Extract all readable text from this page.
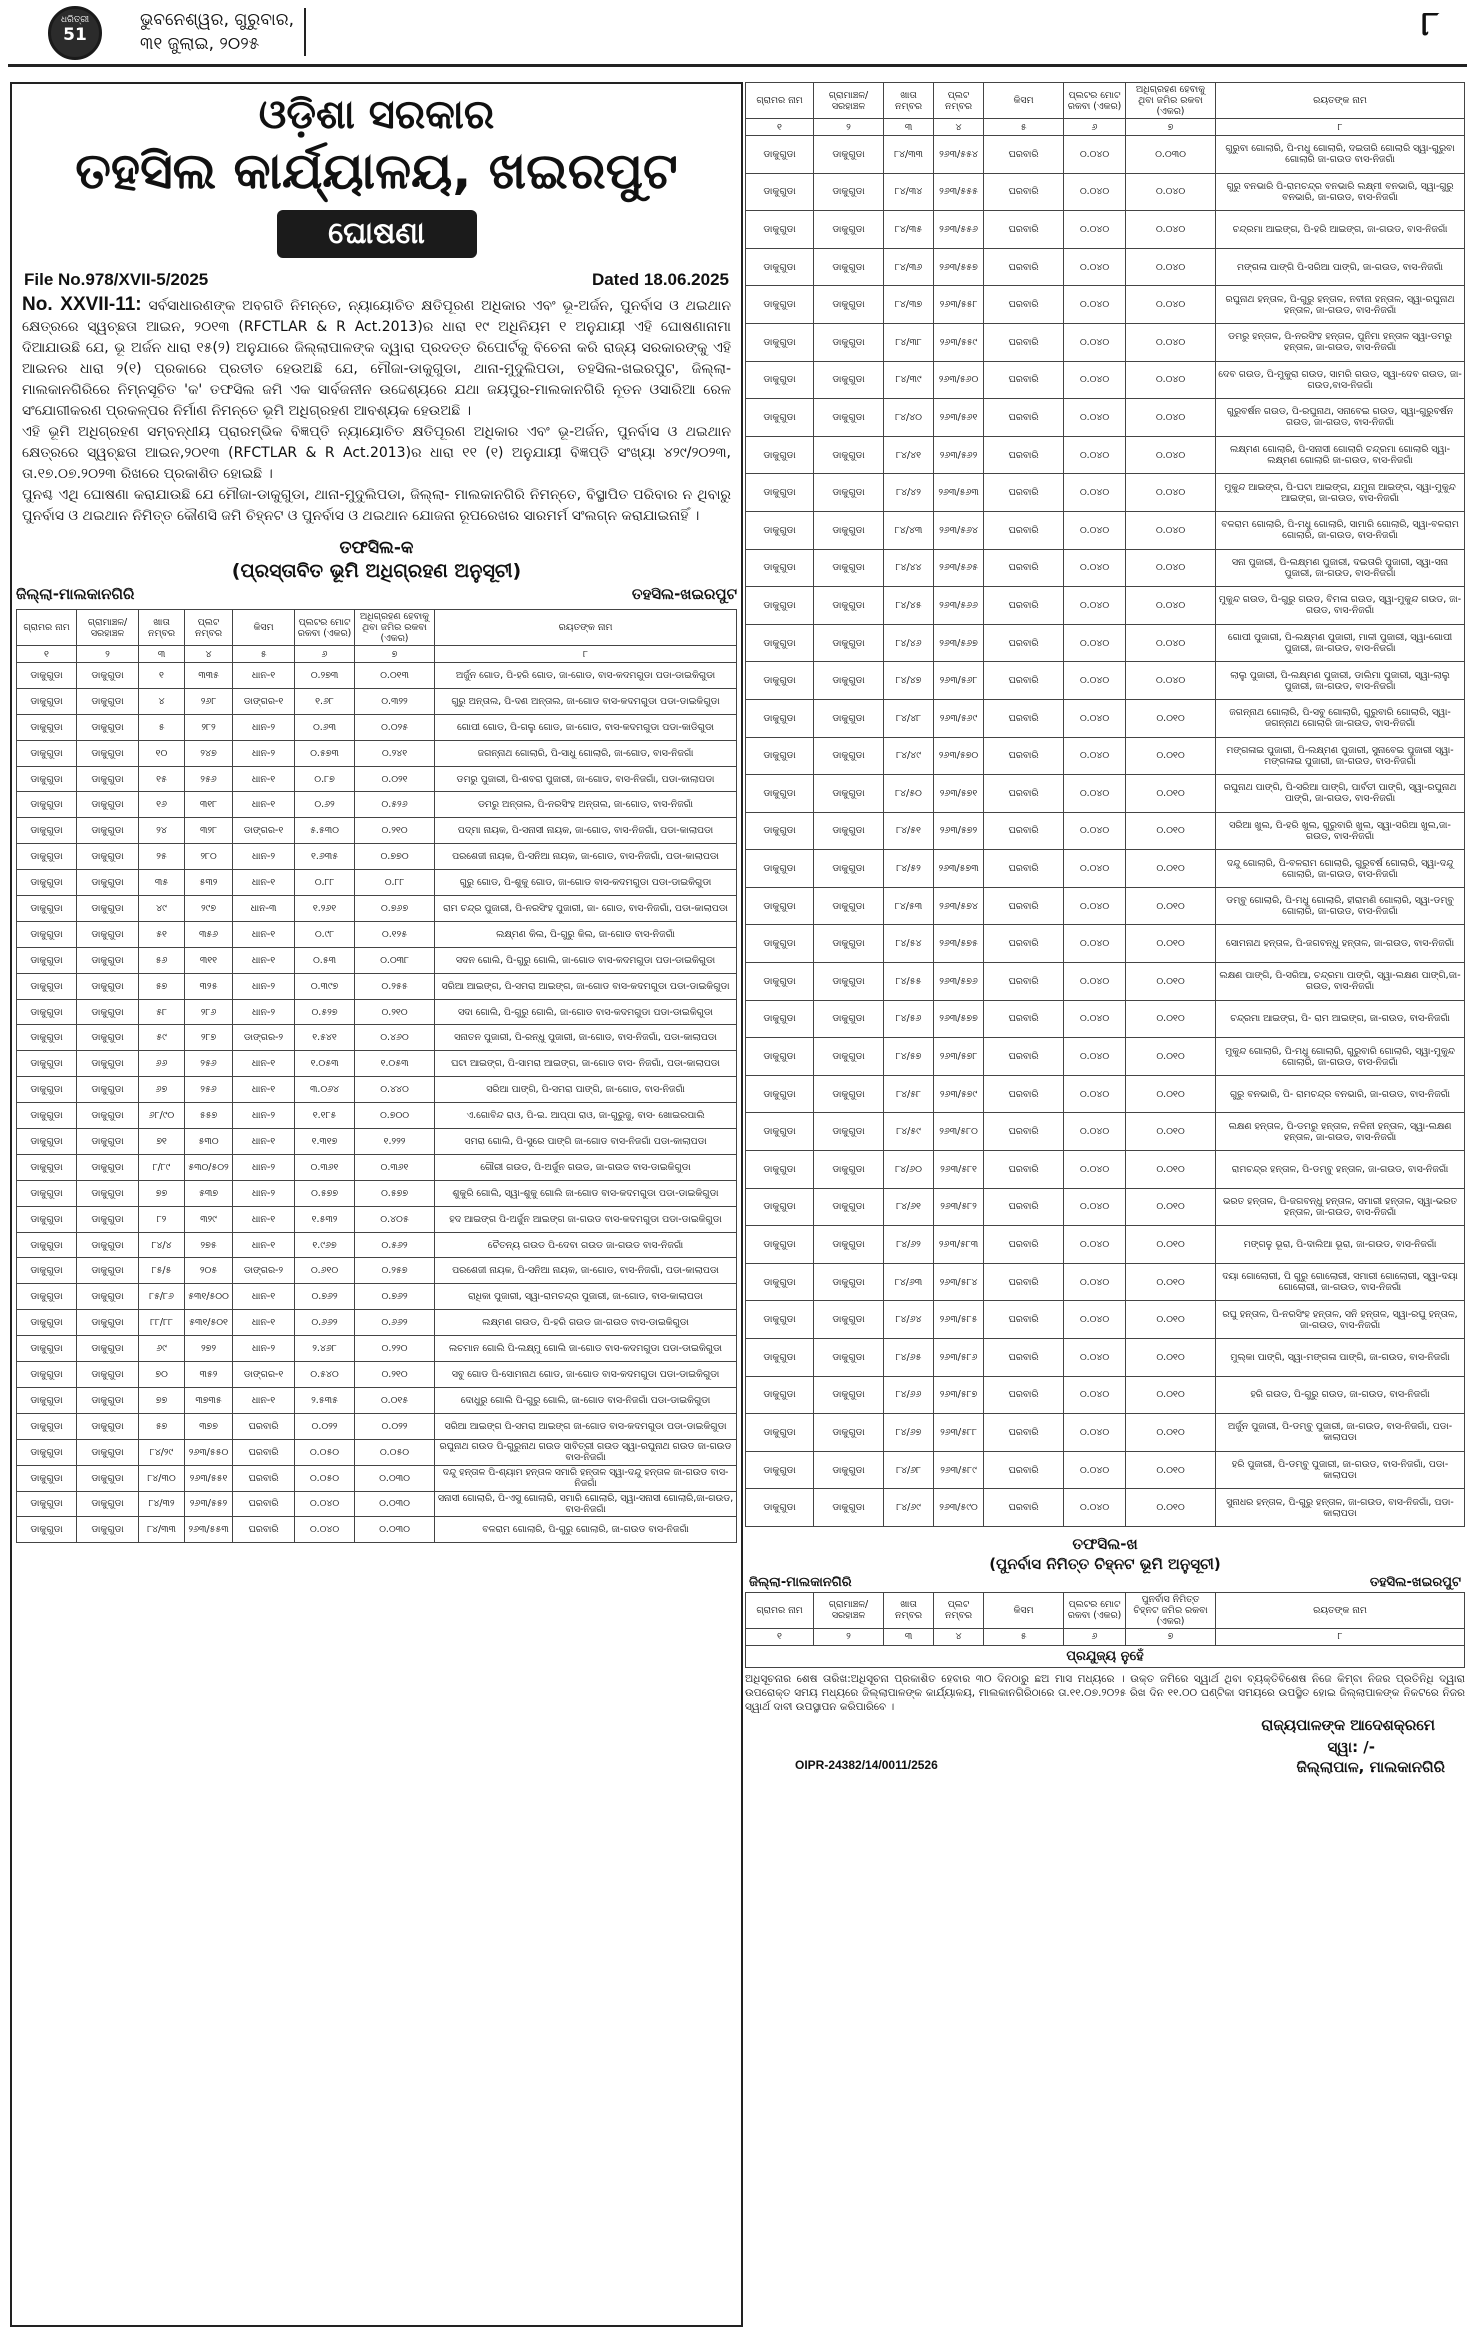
ଧରିତ୍ରୀ
51
ଭୁବନେଶ୍ୱର, ଗୁରୁବାର,
୩୧ ଜୁଲାଇ, ୨୦୨୫	୮
ଓଡ଼ିଶା ସରକାର
ତହସିଲ କାର୍ଯ୍ୟାଳୟ, ଖଇରପୁଟ
ଘୋଷଣା
File No.978/XVII-5/2025	Dated 18.06.2025

No. XXVII-11: ସର୍ବସାଧାରଣଙ୍କ ଅବଗତି ନିମନ୍ତେ, ନ୍ୟାୟୋଚିତ କ୍ଷତିପୂରଣ ଅଧିକାର ଏବଂ ଭୂ-ଅର୍ଜନ, ପୁନର୍ବାସ ଓ ଥଇଥାନ କ୍ଷେତ୍ରରେ ସ୍ୱଚ୍ଛତା ଆଇନ, ୨୦୧୩ (RFCTLAR & R Act.2013)ର ଧାରା ୧୯ ଅଧିନିୟମ ୧ ଅନୁଯାୟୀ ଏହି ଘୋଷଣାନାମା ଦିଆଯାଉଛି ଯେ, ଭୂ ଅର୍ଜନ ଧାରା ୧୫(୨) ଅନୁଯାରେ ଜିଲ୍ଲାପାଳଙ୍କ ଦ୍ୱାରା ପ୍ରଦତ୍ତ ରିପୋର୍ଟକୁ ବିଚେନା କରି ରାଜ୍ୟ ସରକାରଙ୍କୁ ଏହି ଆଇନର ଧାରା ୨(୧) ପ୍ରକାରେ ପ୍ରତୀତ ହେଉଅଛି ଯେ, ମୌଜା-ଡାକୁଗୁଡା, ଥାନା-ମୁଦୁଲିପଡା, ତହସିଲ-ଖଇରପୁଟ, ଜିଲ୍ଲା- ମାଲକାନଗିରିରେ ନିମ୍ନସୂଚିତ 'କ' ତଫସିଲ ଜମି ଏକ ସାର୍ବଜନୀନ ଉଦ୍ଦେଶ୍ୟରେ ଯଥା ଜୟପୁର-ମାଲକାନଗିରି ନୂତନ ଓସାରିଆ ରେଳ ସଂଯୋଗୀକରଣ ପ୍ରକଳ୍ପର ନିର୍ମାଣ ନିମନ୍ତେ ଭୂମି ଅଧିଗ୍ରହଣ ଆବଶ୍ୟକ ହେଉଅଛି ।

ଏହି ଭୂମି ଅଧିଗ୍ରହଣ ସମ୍ବନ୍ଧୀୟ ପ୍ରାରମ୍ଭିକ ବିଜ୍ଞପ୍ତି ନ୍ୟାୟୋଚିତ କ୍ଷତିପୂରଣ ଅଧିକାର ଏବଂ ଭୂ-ଅର୍ଜନ, ପୁନର୍ବାସ ଓ ଥଇଥାନ କ୍ଷେତ୍ରରେ ସ୍ୱଚ୍ଛତା ଆଇନ,୨୦୧୩ (RFCTLAR & R Act.2013)ର ଧାରା ୧୧ (୧) ଅନୁଯାୟୀ ବିଜ୍ଞପ୍ତି ସଂଖ୍ୟା ୪୨୯/୨୦୨୩, ତା.୧୭.୦୭.୨୦୨୩ ରିଖରେ ପ୍ରକାଶିତ ହୋଇଛି ।

ପୁନଶ୍ଚ ଏଥି ଘୋଷଣା କରାଯାଉଛି ଯେ ମୌଜା-ଡାକୁଗୁଡା, ଥାନା-ମୁଦୁଲିପଡା, ଜିଲ୍ଲା- ମାଲକାନଗିରି ନିମନ୍ତେ, ବିସ୍ଥାପିତ ପରିବାର ନ ଥିବାରୁ ପୁନର୍ବାସ ଓ ଥଇଥାନ ନିମିତ୍ତ କୌଣସି ଜମି ଚିହ୍ନଟ ଓ ପୁନର୍ବାସ ଓ ଥଇଥାନ ଯୋଜନା ରୂପରେଖର ସାରମର୍ମ ସଂଲଗ୍ନ କରାଯାଇନାହିଁ ।

ତଫସିଲ-କ
(ପ୍ରସ୍ତାବିତ ଭୂମି ଅଧିଗ୍ରହଣ ଅନୁସୂଚୀ)
ଜିଲ୍ଲା-ମାଲକାନଗିରି	ତହସିଲ-ଖଇରପୁଟ
ଗ୍ରାମର ନାମ	ଗ୍ରାମାଞ୍ଚଳ/ ସରହାଞ୍ଚଳ	ଖାତା ନମ୍ବର	ପ୍ଲଟ ନମ୍ବର	କିସମ	ପ୍ଲଟର ମୋଟ ରକବା (ଏକର)	ଅଧିଗ୍ରହଣ ହେବାକୁ ଥିବା ଜମିର ରକବା (ଏକର)	ରୟତଙ୍କ ନାମ
୧	୨	୩	୪	୫	୬	୭	୮
ଡାକୁଗୁଡା	ଡାକୁଗୁଡା	୧	୩୩୫	ଧାନ-୧	୦.୨୭୩	୦.୦୧୩	ଅର୍ଜୁନ ଗୋଡ, ପି-ହରି ଗୋଡ, ଜା-ଗୋଡ, ବାସ-କଦମଗୁଡା ପଡା-ଡାଇକିଗୁଡା
ଡାକୁଗୁଡା	ଡାକୁଗୁଡା	୪	୨୬୮	ଡାଙ୍ଗର-୧	୧.୬୮	୦.୩୨୨	ଗୁରୁ ଅନ୍ତାଲ, ପି-ଦଣ ଅନ୍ତାଲ, ଜା-ଗୋଡ ବାସ-କଦମଗୁଡା ପଡା-ଡାଇକିଗୁଡା
ଡାକୁଗୁଡା	ଡାକୁଗୁଡା	୫	୨୮୨	ଧାନ-୨	୦.୬୩	୦.୦୨୫	ଗୋପୀ ଗୋଡ, ପି-ଗଲୁ ଗୋଡ, ଜା-ଗୋଡ, ବାସ-କଦମଗୁଡା ପଡା-କାଡିଗୁଡା
ଡାକୁଗୁଡା	ଡାକୁଗୁଡା	୧୦	୨୪୭	ଧାନ-୨	୦.୫୭୩	୦.୨୪୧	ଜଗନ୍ନାଥ ଗୋଲାରି, ପି-ସାଧୁ ଗୋଲାରି, ଜା-ଗୋଡ, ବାସ-ନିଜଗାଁ
ଡାକୁଗୁଡା	ଡାକୁଗୁଡା	୧୫	୨୫୬	ଧାନ-୧	୦.୮୭	୦.୦୨୧	ଡମରୁ ପୁଜାରୀ, ପି-ଶବରା ପୁଜାରୀ, ଜା-ଗୋଡ, ବାସ-ନିଜଗାଁ, ପଡା-କାଲାପଡା
ଡାକୁଗୁଡା	ଡାକୁଗୁଡା	୧୬	୩୧୮	ଧାନ-୧	୦.୬୨	୦.୫୨୬	ଡମରୁ ଅନ୍ତାଲ, ପି-ନରସିଂହ ଅନ୍ତାଲ, ଜା-ଗୋଡ, ବାସ-ନିଜଗାଁ
ଡାକୁଗୁଡା	ଡାକୁଗୁଡା	୨୪	୩୨୮	ଡାଙ୍ଗର-୧	୫.୫୩୦	୦.୨୧୦	ପଦ୍ମା ନାୟକ, ପି-ସନାସୀ ନାୟକ, ଜା-ଗୋଡ, ବାସ-ନିଜଗାଁ, ପଡା-କାଲାପଡା
ଡାକୁଗୁଡା	ଡାକୁଗୁଡା	୨୫	୨୮୦	ଧାନ-୨	୧.୬୩୫	୦.୭୭୦	ପରଶେଜୀ ନାୟକ, ପି-ସନିଆ ନାୟକ, ଜା-ଗୋଡ, ବାସ-ନିଜଗାଁ, ପଡା-କାଲାପଡା
ଡାକୁଗୁଡା	ଡାକୁଗୁଡା	୩୫	୫୩୨	ଧାନ-୧	୦.୮୮	୦.୮୮	ଗୁରୁ ଗୋଡ, ପି-ଶୁକୁ ଗୋଡ, ଜା-ଗୋଡ ବାସ-କଦମଗୁଡା ପଡା-ଡାଇକିଗୁଡା
ଡାକୁଗୁଡା	ଡାକୁଗୁଡା	୪୯	୨୯୭	ଧାନ-୩	୧.୨୬୧	୦.୭୬୭	ରାମ ଚନ୍ଦ୍ର ପୁଜାରୀ, ପି-ନରସିଂହ ପୁଜାରୀ, ଜା- ଗୋଡ, ବାସ-ନିଜଗାଁ, ପଡା-କାଲାପଡା
ଡାକୁଗୁଡା	ଡାକୁଗୁଡା	୫୧	୩୫୬	ଧାନ-୧	୦.୯୮	୦.୧୨୫	ଲକ୍ଷ୍ମଣ କିଲ, ପି-ଗୁରୁ କିଲ, ଜା-ଗୋଡ ବାସ-ନିଜଗାଁ
ଡାକୁଗୁଡା	ଡାକୁଗୁଡା	୫୬	୩୧୧	ଧାନ-୧	୦.୫୩	୦.୦୩୮	ସଦନ ଗୋଲି, ପି-ଗୁରୁ ଗୋଲି, ଜା-ଗୋଡ ବାସ-କଦମଗୁଡା ପଡା-ଡାଇକିଗୁଡା
ଡାକୁଗୁଡା	ଡାକୁଗୁଡା	୫୭	୩୨୫	ଧାନ-୨	୦.୩୯୭	୦.୨୫୫	ସରିଆ ଆଇଙ୍ଗ, ପି-ସମରା ଆଇଙ୍ଗ, ଜା-ଗୋଡ ବାସ-କଦମଗୁଡା ପଡା-ଡାଇକିଗୁଡା
ଡାକୁଗୁଡା	ଡାକୁଗୁଡା	୫୮	୨୮୬	ଧାନ-୨	୦.୫୨୭	୦.୨୧୦	ସଦା ଗୋଲି, ପି-ଗୁରୁ ଗୋଲି, ଜା-ଗୋଡ ବାସ-କଦମଗୁଡା ପଡା-ଡାଇକିଗୁଡା
ଡାକୁଗୁଡା	ଡାକୁଗୁଡା	୫୯	୨୮୭	ଡାଙ୍ଗର-୨	୧.୫୪୧	୦.୪୬୦	ସନାତନ ପୁଜାରୀ, ପି-ରନ୍ଧୁ ପୁଜାରୀ, ଜା-ଗୋଡ, ବାସ-ନିଜଗାଁ, ପଡା-କାଲାପଡା
ଡାକୁଗୁଡା	ଡାକୁଗୁଡା	୬୬	୨୫୬	ଧାନ-୧	୧.୦୫୩	୧.୦୫୩	ଘଟା ଆଇଙ୍ଗ, ପି-ସାମରା ଆଇଙ୍ଗ, ଜା-ଗୋଡ ବାସ- ନିଜଗାଁ, ପଡା-କାଲାପଡା
ଡାକୁଗୁଡା	ଡାକୁଗୁଡା	୬୭	୨୫୬	ଧାନ-୧	୩.୦୬୪	୦.୪୪୦	ସରିଆ ପାଙ୍ଗି, ପି-ସମରା ପାଙ୍ଗି, ଜା-ଗୋଡ, ବାସ-ନିଜଗାଁ
ଡାକୁଗୁଡା	ଡାକୁଗୁଡା	୬୮/୯୦	୫୫୭	ଧାନ-୨	୧.୧୮୫	୦.୭୦୦	ଏ.ଗୋବିନ୍ଦ ରାଓ, ପି-ଇ. ଆପ୍ପା ରାଓ, ଜା-ଗୁରୁଜୁ, ବାସ- ଖୋଇରପାଲି
ଡାକୁଗୁଡା	ଡାକୁଗୁଡା	୭୧	୫୩୦	ଧାନ-୧	୧.୩୧୭	୧.୨୨୨	ସମରା ଗୋଲି, ପି-ସୁରେ ପାଙ୍ଗି ଜା-ଗୋଡ ବାସ-ନିଜଗାଁ ପଡା-କାଲାପଡା
ଡାକୁଗୁଡା	ଡାକୁଗୁଡା	୮/୮୯	୫୩୦/୫୦୨	ଧାନ-୨	୦.୩୬୧	୦.୩୬୧	ଗୌରୀ ଗଉଡ, ପି-ଅର୍ଜୁନ ଗଉଡ, ଜା-ଗଉଡ ବାସ-ଡାଇକିଗୁଡା
ଡାକୁଗୁଡା	ଡାକୁଗୁଡା	୭୭	୫୩୭	ଧାନ-୨	୦.୫୭୭	୦.୫୭୭	ଶୁକୁରି ଗୋଲି, ସ୍ୱା-ଶୁକୁ ଗୋଲି ଜା-ଗୋଡ ବାସ-କଦମଗୁଡା ପଡା-ଡାଇକିଗୁଡା
ଡାକୁଗୁଡା	ଡାକୁଗୁଡା	୮୨	୩୨୯	ଧାନ-୧	୧.୫୩୨	୦.୪୦୫	ହଦ ଆଇଙ୍ଗ ପି-ଅର୍ଜୁନ ଆଇଙ୍ଗ ଜା-ଗଉଡ ବାସ-କଦମଗୁଡା ପଡା-ଡାଇକିଗୁଡା
ଡାକୁଗୁଡା	ଡାକୁଗୁଡା	୮୪/୪	୨୭୫	ଧାନ-୧	୧.୯୬୭	୦.୫୬୨	ଚୈତନ୍ୟ ଗଉଡ ପି-ଦେବା ଗଉଡ ଜା-ଗଉଡ ବାସ-ନିଜଗାଁ
ଡାକୁଗୁଡା	ଡାକୁଗୁଡା	୮୫/୫	୨୦୫	ଡାଙ୍ଗର-୨	୦.୬୧୦	୦.୨୫୭	ପରଶେଜୀ ନାୟକ, ପି-ସନିଆ ନାୟକ, ଜା-ଗୋଡ, ବାସ-ନିଜଗାଁ, ପଡା-କାଲାପଡା
ଡାକୁଗୁଡା	ଡାକୁଗୁଡା	୮୫/୮୬	୫୩୧/୫୦୦	ଧାନ-୧	୦.୭୬୨	୦.୭୬୨	ରାଧିକା ପୁଜାରୀ, ସ୍ୱା-ରାମଚନ୍ଦ୍ର ପୁଜାରୀ, ଜା-ଗୋଡ, ବାସ-କାଲାପଡା
ଡାକୁଗୁଡା	ଡାକୁଗୁଡା	୮୮/୮୮	୫୩୧/୫୦୧	ଧାନ-୧	୦.୬୬୨	୦.୬୬୨	ଲକ୍ଷ୍ମଣ ଗଉଡ, ପି-ହରି ଗଉଡ ଜା-ଗଉଡ ବାସ-ଡାଇକିଗୁଡା
ଡାକୁଗୁଡା	ଡାକୁଗୁଡା	୬୯	୨୭୨	ଧାନ-୨	୨.୪୬୮	୦.୨୨୦	ଲଚମାନ ଗୋଲି ପି-ଲକ୍ଷ୍ମୁ ଗୋଲି ଜା-ଗୋଡ ବାସ-କଦମଗୁଡା ପଡା-ଡାଇକିଗୁଡା
ଡାକୁଗୁଡା	ଡାକୁଗୁଡା	୭୦	୩୫୨	ଡାଙ୍ଗର-୧	୦.୫୪୦	୦.୨୧୦	ସବୁ ଗୋଡ ପି-ସୋମନାଥ ଗୋଡ, ଜା-ଗୋଡ ବାସ-କଦମଗୁଡା ପଡା-ଡାଇକିଗୁଡା
ଡାକୁଗୁଡା	ଡାକୁଗୁଡା	୭୭	୩୭୩୫	ଧାନ-୧	୨.୫୩୫	୦.୦୧୫	ଦୋଧୁରୁ ଗୋଲି ପି-ଗୁରୁ ଗୋଲି, ଜା-ଗୋଡ ବାସ-ନିଜଗାଁ ପଡା-ଡାଇକିଗୁଡା
ଡାକୁଗୁଡା	ଡାକୁଗୁଡା	୫୭	୩୭୭	ଘରବାରି	୦.୦୨୨	୦.୦୨୨	ସରିଆ ଆଇଙ୍ଗ ପି-ସମରା ଆଇଙ୍ଗ ଜା-ଗୋଡ ବାସ-କଦମଗୁଡା ପଡା-ଡାଇକିଗୁଡା
ଡାକୁଗୁଡା	ଡାକୁଗୁଡା	୮୪/୨୯	୨୬୩/୫୫୦	ଘରବାରି	୦.୦୫୦	୦.୦୫୦	ରଘୁନାଥ ଗଉଡ ପି-ଗୁରୁନାଥ ଗଉଡ ସାବିତ୍ରୀ ଗଉଡ ସ୍ୱା-ରଘୁନାଥ ଗଉଡ ଜା-ଗଉଡ ବାସ-ନିଜଗାଁ
ଡାକୁଗୁଡା	ଡାକୁଗୁଡା	୮୪/୩୦	୨୬୩/୫୫୧	ଘରବାରି	୦.୦୫୦	୦.୦୩୦	ଦନ୍ଦୁ ହନ୍ତାଳ ପି-ଶ୍ୟାମ ହନ୍ତାଳ ସମାରି ହନ୍ତାଳ ସ୍ୱା-ଦନ୍ଦୁ ହନ୍ତାଳ ଜା-ଗଉଡ ବାସ-ନିଜଗାଁ
ଡାକୁଗୁଡା	ଡାକୁଗୁଡା	୮୪/୩୨	୨୬୩/୫୫୨	ଘରବାରି	୦.୦୪୦	୦.୦୩୦	ସନାସୀ ଗୋଲାରି, ପି-ଏସୁ ଗୋଲାରି, ସମାରି ଗୋଲାରି, ସ୍ୱା-ସନାସୀ ଗୋଲାରି,ଜା-ଗଉଡ, ବାସ-ନିଜଗାଁ
ଡାକୁଗୁଡା	ଡାକୁଗୁଡା	୮୪/୩୩	୨୬୩/୫୫୩	ଘରବାରି	୦.୦୪୦	୦.୦୩୦	ବଳରାମ ଗୋଲାରି, ପି-ଗୁରୁ ଗୋଲାରି, ଜା-ଗଉଡ ବାସ-ନିଜଗାଁ
ଗ୍ରାମର ନାମ	ଗ୍ରାମାଞ୍ଚଳ/ ସରହାଞ୍ଚଳ	ଖାତା ନମ୍ବର	ପ୍ଲଟ ନମ୍ବର	କିସମ	ପ୍ଲଟର ମୋଟ ରକବା (ଏକର)	ଅଧିଗ୍ରହଣ ହେବାକୁ ଥିବା ଜମିର ରକବା (ଏକର)	ରୟତଙ୍କ ନାମ
୧	୨	୩	୪	୫	୬	୭	୮
ଡାକୁଗୁଡା	ଡାକୁଗୁଡା	୮୪/୩୩	୨୬୩/୫୫୪	ଘରବାରି	୦.୦୪୦	୦.୦୩୦	ଗୁରୁବା ଗୋଲାରି, ପି-ମଧୁ ଗୋଲାରି, ଦଇତାରି ଗୋଲାରି ସ୍ୱା-ଗୁରୁବା ଗୋଲାରି ଜା-ଗଉଡ ବାସ-ନିଜଗାଁ
ଡାକୁଗୁଡା	ଡାକୁଗୁଡା	୮୪/୩୪	୨୬୩/୫୫୫	ଘରବାରି	୦.୦୪୦	୦.୦୪୦	ଗୁରୁ ବନଭାରି ପି-ରାମଚନ୍ଦ୍ର ବନଭାରି ଲକ୍ଷ୍ମୀ ବନଭାରି, ସ୍ୱା-ଗୁରୁ ବନଭାରି, ଜା-ଗଉଡ, ବାସ-ନିଜଗାଁ
ଡାକୁଗୁଡା	ଡାକୁଗୁଡା	୮୪/୩୫	୨୬୩/୫୫୬	ଘରବାରି	୦.୦୪୦	୦.୦୪୦	ଚନ୍ଦ୍ରମା ଆଇଙ୍ଗ, ପି-ହରି ଆଇଙ୍ଗ, ଜା-ଗଉଡ, ବାସ-ନିଜଗାଁ
ଡାକୁଗୁଡା	ଡାକୁଗୁଡା	୮୪/୩୬	୨୬୩/୫୫୭	ଘରବାରି	୦.୦୪୦	୦.୦୪୦	ମଙ୍ଗଳା ପାଙ୍ଗି ପି-ସରିଆ ପାଙ୍ଗି, ଜା-ଗଉଡ, ବାସ-ନିଜଗାଁ
ଡାକୁଗୁଡା	ଡାକୁଗୁଡା	୮୪/୩୭	୨୬୩/୫୫୮	ଘରବାରି	୦.୦୪୦	୦.୦୪୦	ରଘୁନାଥ ହନ୍ତାଳ, ପି-ଗୁରୁ ହନ୍ତାଳ, ନବୀନା ହନ୍ତାଳ, ସ୍ୱା-ରଘୁନାଥ ହନ୍ତାଳ, ଜା-ଗଉଡ, ବାସ-ନିଜଗାଁ
ଡାକୁଗୁଡା	ଡାକୁଗୁଡା	୮୪/୩୮	୨୬୩/୫୫୯	ଘରବାରି	୦.୦୪୦	୦.୦୪୦	ଡମରୁ ହନ୍ତାଳ, ପି-ନରସିଂହ ହନ୍ତାଳ, ପୁନିମା ହନ୍ତାଳ ସ୍ୱା-ଡମରୁ ହନ୍ତାଳ, ଜା-ଗଉଡ, ବାସ-ନିଜଗାଁ
ଡାକୁଗୁଡା	ଡାକୁଗୁଡା	୮୪/୩୯	୨୬୩/୫୬୦	ଘରବାରି	୦.୦୪୦	୦.୦୪୦	ଦେବ ଗଉଡ, ପି-ମୁକୁରା ଗଉଡ, ସାମରି ଗଉଡ, ସ୍ୱା-ଦେବ ଗଉଡ, ଜା-ଗଉଡ,ବାସ-ନିଜଗାଁ
ଡାକୁଗୁଡା	ଡାକୁଗୁଡା	୮୪/୪୦	୨୬୩/୫୬୧	ଘରବାରି	୦.୦୪୦	୦.୦୪୦	ଗୁରୁବର୍ଷନ ଗଉଡ, ପି-ରଘୁନାଥ, ସନାବେଇ ଗଉଡ, ସ୍ୱା-ଗୁରୁବର୍ଷନ ଗଉଡ, ଜା-ଗଉଡ, ବାସ-ନିଜଗାଁ
ଡାକୁଗୁଡା	ଡାକୁଗୁଡା	୮୪/୪୧	୨୬୩/୫୬୨	ଘରବାରି	୦.୦୪୦	୦.୦୪୦	ଲକ୍ଷ୍ମଣ ଗୋଲାରି, ପି-ସନାସୀ ଗୋଲାରି ଚନ୍ଦ୍ରମା ଗୋଲାରି ସ୍ୱା-ଲକ୍ଷ୍ମଣ ଗୋଲାରି ଜା-ଗଉଡ, ବାସ-ନିଜଗାଁ
ଡାକୁଗୁଡା	ଡାକୁଗୁଡା	୮୪/୪୨	୨୬୩/୫୬୩	ଘରବାରି	୦.୦୪୦	୦.୦୪୦	ମୁକୁନ୍ଦ ଆଇଙ୍ଗ, ପି-ଘଟା ଆଇଙ୍ଗ, ଯମୁନା ଆଇଙ୍ଗ, ସ୍ୱା-ମୁକୁନ୍ଦ ଆଇଙ୍ଗ, ଜା-ଗଉଡ, ବାସ-ନିଜଗାଁ
ଡାକୁଗୁଡା	ଡାକୁଗୁଡା	୮୪/୪୩	୨୬୩/୫୬୪	ଘରବାରି	୦.୦୪୦	୦.୦୪୦	ବଳରାମ ଗୋଲାରି, ପି-ମଧୁ ଗୋଲାରି, ସାମାରି ଗୋଲାରି, ସ୍ୱା-ବଳରାମ ଗୋଲାରି, ଜା-ଗଉଡ, ବାସ-ନିଜଗାଁ
ଡାକୁଗୁଡା	ଡାକୁଗୁଡା	୮୪/୪୪	୨୬୩/୫୬୫	ଘରବାରି	୦.୦୪୦	୦.୦୪୦	ସନା ପୁଜାରୀ, ପି-ଲକ୍ଷ୍ମଣ ପୁଜାରୀ, ଦଇତାରି ପୁଜାରୀ, ସ୍ୱା-ସନା ପୁଜାରୀ, ଜା-ଗଉଡ, ବାସ-ନିଜଗାଁ
ଡାକୁଗୁଡା	ଡାକୁଗୁଡା	୮୪/୪୫	୨୬୩/୫୬୬	ଘରବାରି	୦.୦୪୦	୦.୦୪୦	ମୁକୁନ୍ଦ ଗଉଡ, ପି-ଗୁରୁ ଗଉଡ, ବିମଳା ଗଉଡ, ସ୍ୱା-ମୁକୁନ୍ଦ ଗଉଡ, ଜା-ଗଉଡ, ବାସ-ନିଜଗାଁ
ଡାକୁଗୁଡା	ଡାକୁଗୁଡା	୮୪/୪୬	୨୬୩/୫୬୭	ଘରବାରି	୦.୦୪୦	୦.୦୪୦	ଗୋପୀ ପୁଜାରୀ, ପି-ଲକ୍ଷ୍ମଣ ପୁଜାରୀ, ମାଳୀ ପୁଜାରୀ, ସ୍ୱା-ଗୋପୀ ପୁଜାରୀ, ଜା-ଗଉଡ, ବାସ-ନିଜଗାଁ
ଡାକୁଗୁଡା	ଡାକୁଗୁଡା	୮୪/୪୭	୨୬୩/୫୬୮	ଘରବାରି	୦.୦୪୦	୦.୦୪୦	ଲାଲୁ ପୁଜାରୀ, ପି-ଲକ୍ଷ୍ମଣ ପୁଜାରୀ, ଡାଲିମା ପୁଜାରୀ, ସ୍ୱା-ଲାଲୁ ପୁଜାରୀ, ଜା-ଗଉଡ, ବାସ-ନିଜଗାଁ
ଡାକୁଗୁଡା	ଡାକୁଗୁଡା	୮୪/୪୮	୨୬୩/୫୬୯	ଘରବାରି	୦.୦୪୦	୦.୦୧୦	ଜଗନ୍ନାଥ ଗୋଲାରି, ପି-ସବୁ ଗୋଲାରି, ଗୁରୁବାରି ଗୋଲାରି, ସ୍ୱା-ଜଗନ୍ନାଥ ଗୋଲାରି ଜା-ଗଉଡ, ବାସ-ନିଜଗାଁ
ଡାକୁଗୁଡା	ଡାକୁଗୁଡା	୮୪/୪୯	୨୬୩/୫୭୦	ଘରବାରି	୦.୦୪୦	୦.୦୧୦	ମଙ୍ଗଳାଇ ପୁଜାରୀ, ପି-ଲକ୍ଷ୍ମଣ ପୁଜାରୀ, ସୁନାବେଇ ପୁଜାରୀ ସ୍ୱା-ମଙ୍ଗଳାଇ ପୁଜାରୀ, ଜା-ଗଉଡ, ବାସ-ନିଜଗାଁ
ଡାକୁଗୁଡା	ଡାକୁଗୁଡା	୮୪/୫୦	୨୬୩/୫୭୧	ଘରବାରି	୦.୦୪୦	୦.୦୧୦	ରଘୁନାଥ ପାଙ୍ଗି, ପି-ସରିଆ ପାଙ୍ଗି, ପାର୍ବତୀ ପାଙ୍ଗି, ସ୍ୱା-ରଘୁନାଥ ପାଙ୍ଗି, ଜା-ଗଉଡ, ବାସ-ନିଜଗାଁ
ଡାକୁଗୁଡା	ଡାକୁଗୁଡା	୮୪/୫୧	୨୬୩/୫୭୨	ଘରବାରି	୦.୦୪୦	୦.୦୧୦	ସରିଆ ଖୁଲ, ପି-ହରି ଖୁଲ, ଗୁରୁବାରି ଖୁଲ, ସ୍ୱା-ସରିଆ ଖୁଲ,ଜା-ଗଉଡ, ବାସ-ନିଜଗାଁ
ଡାକୁଗୁଡା	ଡାକୁଗୁଡା	୮୪/୫୨	୨୬୩/୫୭୩	ଘରବାରି	୦.୦୪୦	୦.୦୧୦	ଦନ୍ଦୁ ଗୋଲାରି, ପି-ବଳରାମ ଗୋଲାରି, ଗୁରୁବର୍ଷ ଗୋଲାରି, ସ୍ୱା-ଦନ୍ଦୁ ଗୋଲାରି, ଜା-ଗଉଡ, ବାସ-ନିଜଗାଁ
ଡାକୁଗୁଡା	ଡାକୁଗୁଡା	୮୪/୫୩	୨୬୩/୫୭୪	ଘରବାରି	୦.୦୪୦	୦.୦୧୦	ଡମ୍ବୁ ଗୋଲାରି, ପି-ମଧୁ ଗୋଲାରି, ହୀରାମଣି ଗୋଲାରି, ସ୍ୱା-ଡମ୍ବୁ ଗୋଲାରି, ଜା-ଗଉଡ, ବାସ-ନିଜଗାଁ
ଡାକୁଗୁଡା	ଡାକୁଗୁଡା	୮୪/୫୪	୨୬୩/୫୭୫	ଘରବାରି	୦.୦୪୦	୦.୦୧୦	ସୋମନାଥ ହନ୍ତାଳ, ପି-ଜଗବନ୍ଧୁ ହନ୍ତାଳ, ଜା-ଗଉଡ, ବାସ-ନିଜଗାଁ
ଡାକୁଗୁଡା	ଡାକୁଗୁଡା	୮୪/୫୫	୨୬୩/୫୭୬	ଘରବାରି	୦.୦୪୦	୦.୦୧୦	ଲକ୍ଷଣ ପାଙ୍ଗି, ପି-ସରିଆ, ଚନ୍ଦ୍ରମା ପାଙ୍ଗି, ସ୍ୱା-ଲକ୍ଷଣ ପାଙ୍ଗି,ଜା-ଗଉଡ, ବାସ-ନିଜଗାଁ
ଡାକୁଗୁଡା	ଡାକୁଗୁଡା	୮୪/୫୬	୨୬୩/୫୭୭	ଘରବାରି	୦.୦୪୦	୦.୦୧୦	ଚନ୍ଦ୍ରମା ଆଇଙ୍ଗ, ପି- ରାମ ଆଇଙ୍ଗ, ଜା-ଗଉଡ, ବାସ-ନିଜଗାଁ
ଡାକୁଗୁଡା	ଡାକୁଗୁଡା	୮୪/୫୭	୨୬୩/୫୭୮	ଘରବାରି	୦.୦୪୦	୦.୦୧୦	ମୁକୁନ୍ଦ ଗୋଲାରି, ପି-ମଧୁ ଗୋଲାରି, ଗୁରୁବାରି ଗୋଲାରି, ସ୍ୱା-ମୁକୁନ୍ଦ ଗୋଲାରି, ଜା-ଗଉଡ, ବାସ-ନିଜଗାଁ
ଡାକୁଗୁଡା	ଡାକୁଗୁଡା	୮୪/୫୮	୨୬୩/୫୭୯	ଘରବାରି	୦.୦୪୦	୦.୦୧୦	ଗୁରୁ ବନଭାରି, ପି- ରାମଚନ୍ଦ୍ର ବନଭାରି, ଜା-ଗଉଡ, ବାସ-ନିଜଗାଁ
ଡାକୁଗୁଡା	ଡାକୁଗୁଡା	୮୪/୫୯	୨୬୩/୫୮୦	ଘରବାରି	୦.୦୪୦	୦.୦୧୦	ଲକ୍ଷଣ ହନ୍ତାଳ, ପି-ଡମରୁ ହନ୍ତାଳ, ନଳିନୀ ହନ୍ତାଳ, ସ୍ୱା-ଲକ୍ଷଣ ହନ୍ତାଳ, ଜା-ଗଉଡ, ବାସ-ନିଜଗାଁ
ଡାକୁଗୁଡା	ଡାକୁଗୁଡା	୮୪/୬୦	୨୬୩/୫୮୧	ଘରବାରି	୦.୦୪୦	୦.୦୧୦	ରାମଚନ୍ଦ୍ର ହନ୍ତାଳ, ପି-ଡମ୍ବୁ ହନ୍ତାଳ, ଜା-ଗଉଡ, ବାସ-ନିଜଗାଁ
ଡାକୁଗୁଡା	ଡାକୁଗୁଡା	୮୪/୬୧	୨୬୩/୫୮୨	ଘରବାରି	୦.୦୪୦	୦.୦୧୦	ଭରତ ହନ୍ତାଳ, ପି-ଜଗବନ୍ଧୁ ହନ୍ତାଳ, ସମାରୀ ହନ୍ତାଳ, ସ୍ୱା-ଭରତ ହନ୍ତାଳ, ଜା-ଗଉଡ, ବାସ-ନିଜଗାଁ
ଡାକୁଗୁଡା	ଡାକୁଗୁଡା	୮୪/୬୨	୨୬୩/୫୮୩	ଘରବାରି	୦.୦୪୦	୦.୦୧୦	ମଙ୍ଗଳୁ ଭୂରା, ପି-ଦାଲିଆ ଭୂରା, ଜା-ଗଉଡ, ବାସ-ନିଜଗାଁ
ଡାକୁଗୁଡା	ଡାକୁଗୁଡା	୮୪/୬୩	୨୬୩/୫୮୪	ଘରବାରି	୦.୦୪୦	୦.୦୧୦	ଦୟା ଗୋଲୋରୀ, ପି ଗୁରୁ ଗୋଲୋରୀ, ସମାରୀ ଗୋଲୋରୀ, ସ୍ୱା-ଦୟା ଗୋଲୋରୀ, ଜା-ଗଉଡ, ବାସ-ନିଜଗାଁ
ଡାକୁଗୁଡା	ଡାକୁଗୁଡା	୮୪/୬୪	୨୬୩/୫୮୫	ଘରବାରି	୦.୦୪୦	୦.୦୧୦	ରଘୁ ହନ୍ତାଳ, ପି-ନରସିଂହ ହନ୍ତାଳ, ସନି ହନ୍ତାଳ, ସ୍ୱା-ରଘୁ ହନ୍ତାଳ, ଜା-ଗଉଡ, ବାସ-ନିଜଗାଁ
ଡାକୁଗୁଡା	ଡାକୁଗୁଡା	୮୪/୬୫	୨୬୩/୫୮୬	ଘରବାରି	୦.୦୪୦	୦.୦୧୦	ମୁଲ୍କା ପାଙ୍ଗି, ସ୍ୱା-ମଙ୍ଗଳା ପାଙ୍ଗି, ଜା-ଗଉଡ, ବାସ-ନିଜଗାଁ
ଡାକୁଗୁଡା	ଡାକୁଗୁଡା	୮୪/୬୬	୨୬୩/୫୮୭	ଘରବାରି	୦.୦୪୦	୦.୦୧୦	ହରି ଗଉଡ, ପି-ଗୁରୁ ଗଉଡ, ଜା-ଗଉଡ, ବାସ-ନିଜଗାଁ
ଡାକୁଗୁଡା	ଡାକୁଗୁଡା	୮୪/୬୭	୨୬୩/୫୮୮	ଘରବାରି	୦.୦୪୦	୦.୦୧୦	ଅର୍ଜୁନ ପୁଜାରୀ, ପି-ଡମ୍ବୁ ପୁଜାରୀ, ଜା-ଗଉଡ, ବାସ-ନିଜଗାଁ, ପଡା-କାଲାପଡା
ଡାକୁଗୁଡା	ଡାକୁଗୁଡା	୮୪/୬୮	୨୬୩/୫୮୯	ଘରବାରି	୦.୦୪୦	୦.୦୧୦	ହରି ପୁଜାରୀ, ପି-ଡମ୍ବୁ ପୁଜାରୀ, ଜା-ଗଉଡ, ବାସ-ନିଜଗାଁ, ପଡା-କାଲାପଡା
ଡାକୁଗୁଡା	ଡାକୁଗୁଡା	୮୪/୬୯	୨୬୩/୫୯୦	ଘରବାରି	୦.୦୪୦	୦.୦୧୦	ସୁନାଧର ହନ୍ତାଳ, ପି-ଗୁରୁ ହନ୍ତାଳ, ଜା-ଗଉଡ, ବାସ-ନିଜଗାଁ, ପଡା-କାଲାପଡା
ତଫସିଲ-ଖ
(ପୁନର୍ବାସ ନିମିତ୍ତ ଚିହ୍ନଟ ଭୂମି ଅନୁସୂଚୀ)
ଜିଲ୍ଲା-ମାଲକାନଗିରି	ତହସିଲ-ଖଇରପୁଟ
ଗ୍ରାମର ନାମ	ଗ୍ରାମାଞ୍ଚଳ/ ସରହାଞ୍ଚଳ	ଖାତା ନମ୍ବର	ପ୍ଲଟ ନମ୍ବର	କିସମ	ପ୍ଲଟର ମୋଟ ରକବା (ଏକର)	ପୁନର୍ବାସ ନିମିତ୍ତ ଚିହ୍ନଟ ଜମିର ରକବା (ଏକର)	ରୟତଙ୍କ ନାମ
୧	୨	୩	୪	୫	୬	୭	୮
ପ୍ରଯୁଜ୍ୟ ନୁହେଁ							
ଅଧିସୂଚନାର ଶେଷ ତାରିଖ:ଅଧିସୂଚନା ପ୍ରକାଶିତ ହେବାର ୩୦ ଦିନଠାରୁ ଛଅ ମାସ ମଧ୍ୟରେ । ଉକ୍ତ ଜମିରେ ସ୍ୱାର୍ଥ ଥିବା ବ୍ୟକ୍ତିବିଶେଷ ନିଜେ କିମ୍ବା ନିଜର ପ୍ରତିନିଧି ଦ୍ୱାରା ଉପରୋକ୍ତ ସମୟ ମଧ୍ୟରେ ଜିଲ୍ଲାପାଳଙ୍କ କାର୍ଯ୍ୟାଳୟ, ମାଲକାନଗିରିଠାରେ ତା.୧୧.୦୭.୨୦୨୫ ରିଖ ଦିନ ୧୧.୦୦ ଘଣ୍ଟିକା ସମୟରେ ଉପସ୍ଥିତ ହୋଇ ଜିଲ୍ଲାପାଳଙ୍କ ନିକଟରେ ନିଜର ସ୍ୱାର୍ଥ ଦାବୀ ଉପସ୍ଥାପନ କରିପାରିବେ ।
ରାଜ୍ୟପାଳଙ୍କ ଆଦେଶକ୍ରମେ
ସ୍ୱା: /-
OIPR-24382/14/0011/2526	ଜିଲ୍ଲାପାଳ, ମାଲକାନଗିରି
